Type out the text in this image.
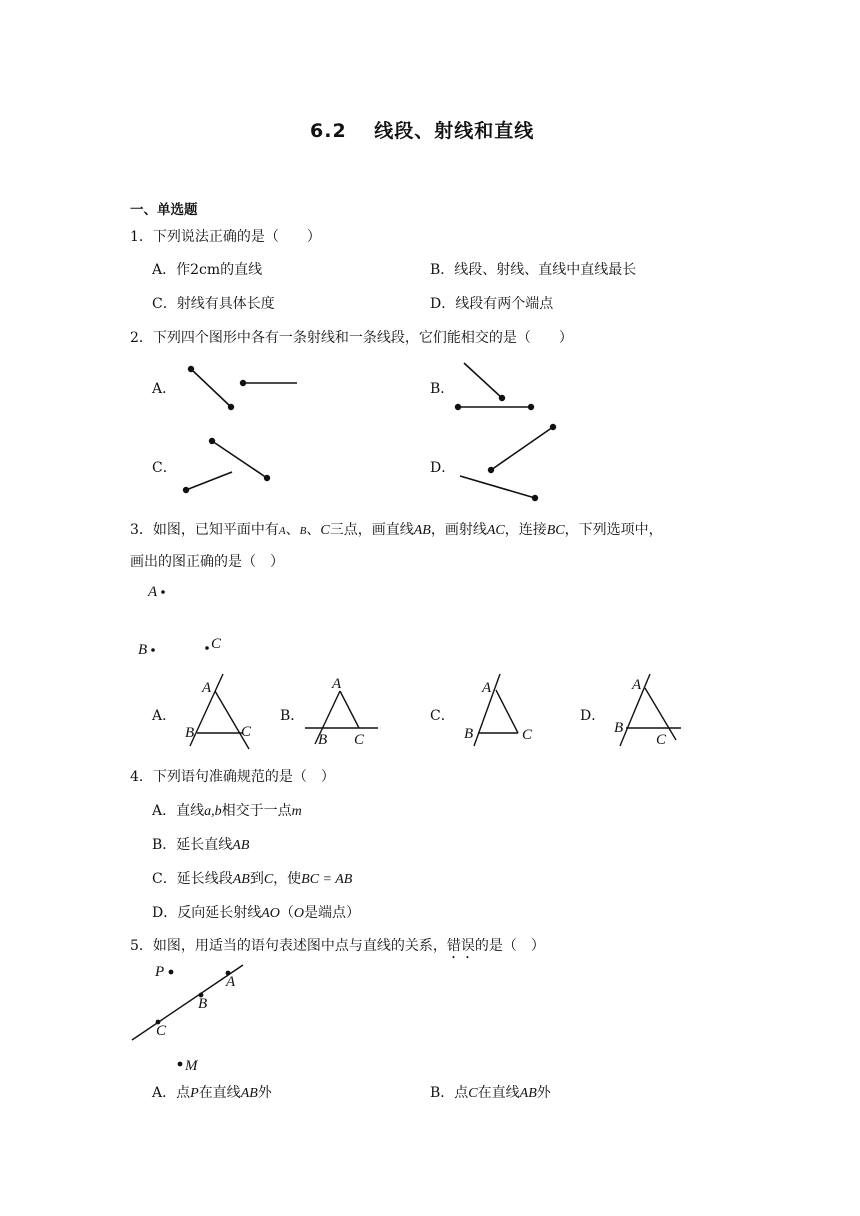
6.2　 线段、射线和直线
一、单选题
1．下列说法正确的是（　　）
A．作2cm的直线	B．线段、射线、直线中直线最长
C．射线有具体长度	D．线段有两个端点
2．下列四个图形中各有一条射线和一条线段，它们能相交的是（　　）
A．	B．
C．	D．
3．如图，已知平面中有A、B、C三点，画直线AB，画射线AC，连接BC，下列选项中，
画出的图正确的是（　）
A
B	C
A．	B．	C．	D．
A
B	C
A
B C
A
B	C
A
B
C
4．下列语句准确规范的是（　）
A．直线a,b相交于一点m
B．延长直线AB
C．延长线段AB到C，使BC = AB
D．反向延长射线AO（O是端点）
5．如图，用适当的语句表述图中点与直线的关系，错误的是（　）
P
A
B
C
M
A．点P在直线AB外	B．点C在直线AB外
